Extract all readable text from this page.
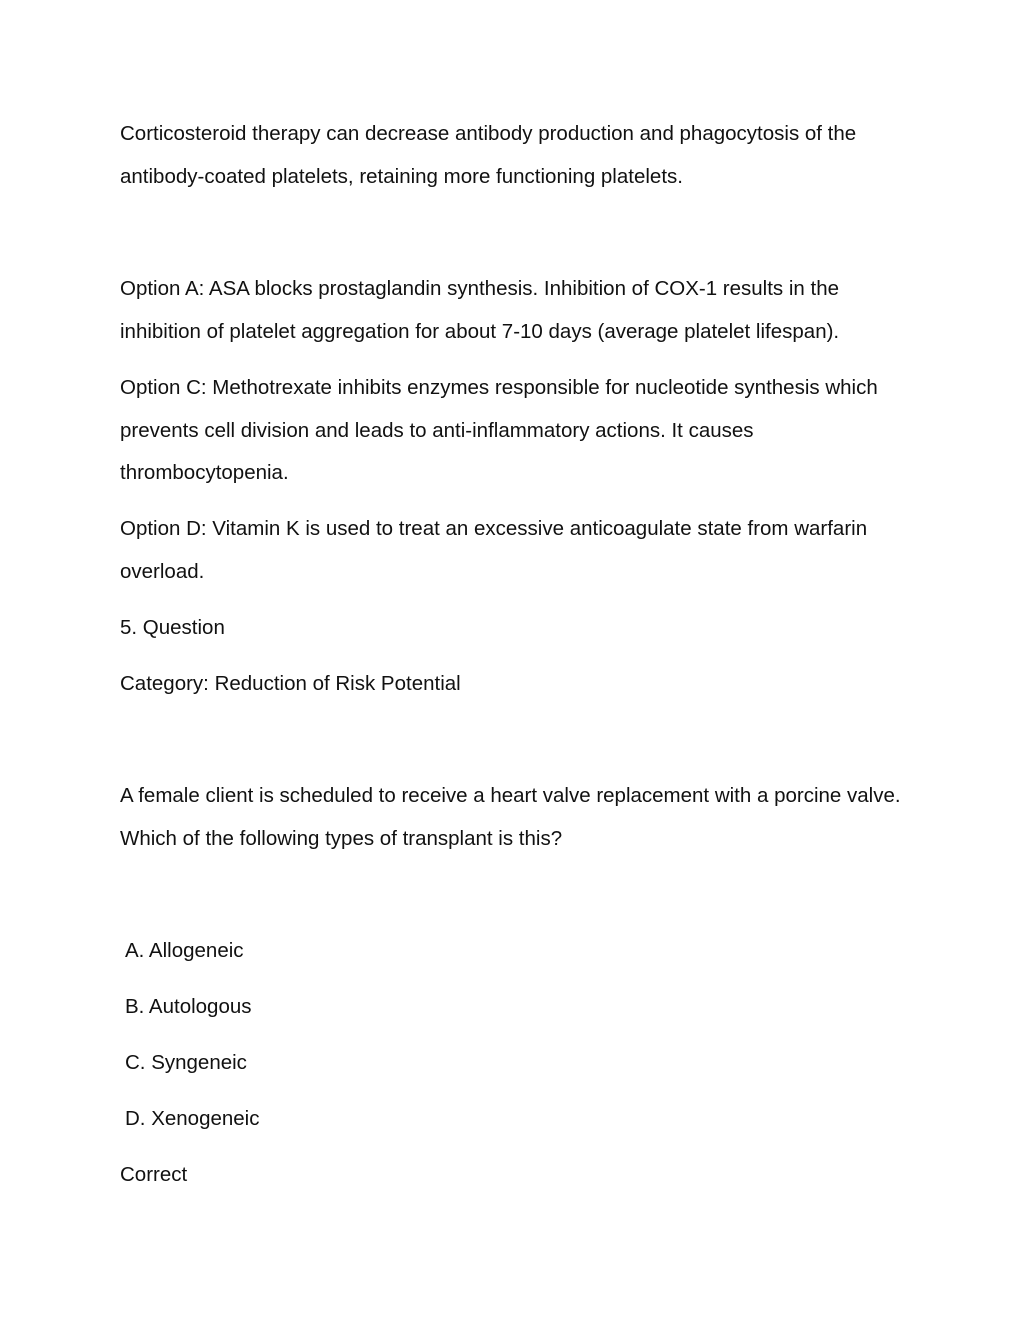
Corticosteroid therapy can decrease antibody production and phagocytosis of the antibody-coated platelets, retaining more functioning platelets.

Option A: ASA blocks prostaglandin synthesis. Inhibition of COX-1 results in the inhibition of platelet aggregation for about 7-10 days (average platelet lifespan).

Option C: Methotrexate inhibits enzymes responsible for nucleotide synthesis which prevents cell division and leads to anti-inflammatory actions. It causes thrombocytopenia.

Option D: Vitamin K is used to treat an excessive anticoagulate state from warfarin overload.

5. Question

Category: Reduction of Risk Potential

A female client is scheduled to receive a heart valve replacement with a porcine valve. Which of the following types of transplant is this?

A. Allogeneic

B. Autologous

C. Syngeneic

D. Xenogeneic

Correct
